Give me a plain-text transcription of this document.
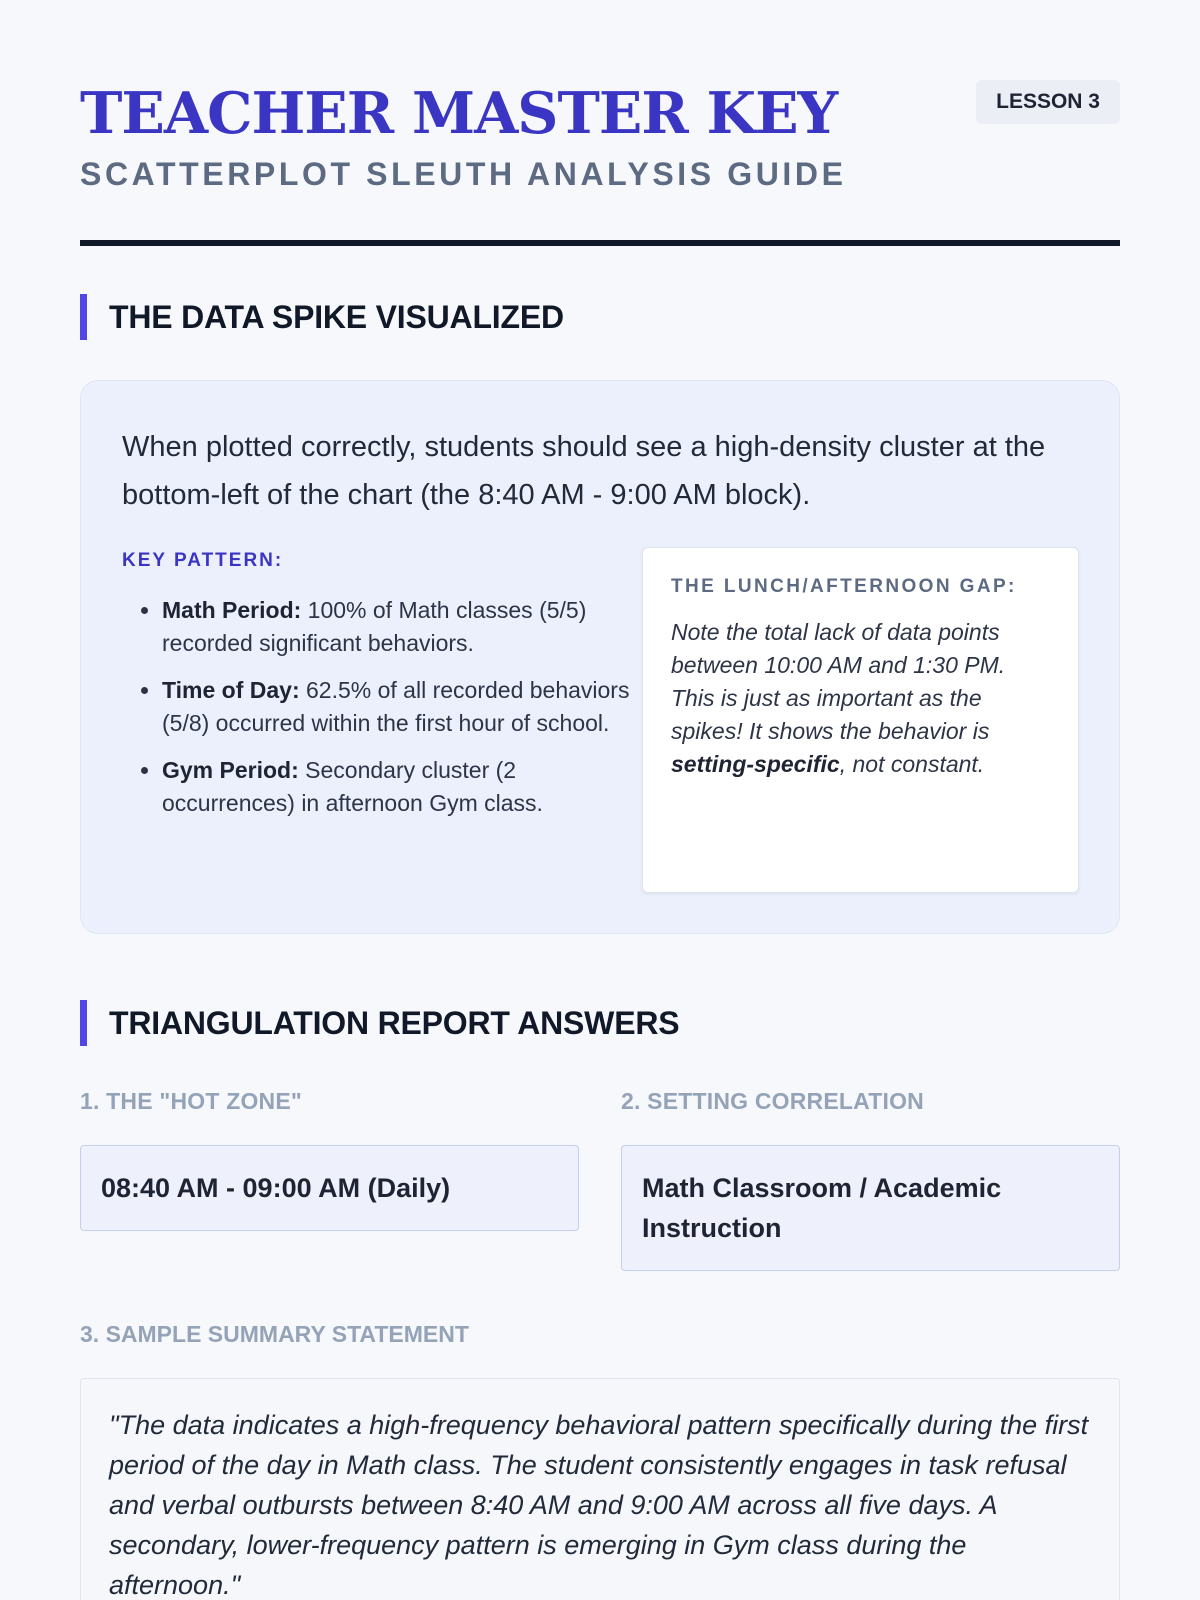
TEACHER MASTER KEY
SCATTERPLOT SLEUTH ANALYSIS GUIDE
LESSON 3
THE DATA SPIKE VISUALIZED

When plotted correctly, students should see a high-density cluster at the bottom-left of the chart (the 8:40 AM - 9:00 AM block).

KEY PATTERN:
• Math Period: 100% of Math classes (5/5) recorded significant behaviors.
• Time of Day: 62.5% of all recorded behaviors (5/8) occurred within the first hour of school.
• Gym Period: Secondary cluster (2 occurrences) in afternoon Gym class.
THE LUNCH/AFTERNOON GAP:

Note the total lack of data points between 10:00 AM and 1:30 PM. This is just as important as the spikes! It shows the behavior is setting-specific, not constant.

TRIANGULATION REPORT ANSWERS
1. THE "HOT ZONE"
08:40 AM - 09:00 AM (Daily)
2. SETTING CORRELATION
Math Classroom / Academic Instruction
3. SAMPLE SUMMARY STATEMENT
"The data indicates a high-frequency behavioral pattern specifically during the first period of the day in Math class. The student consistently engages in task refusal and verbal outbursts between 8:40 AM and 9:00 AM across all five days. A secondary, lower-frequency pattern is emerging in Gym class during the afternoon."
